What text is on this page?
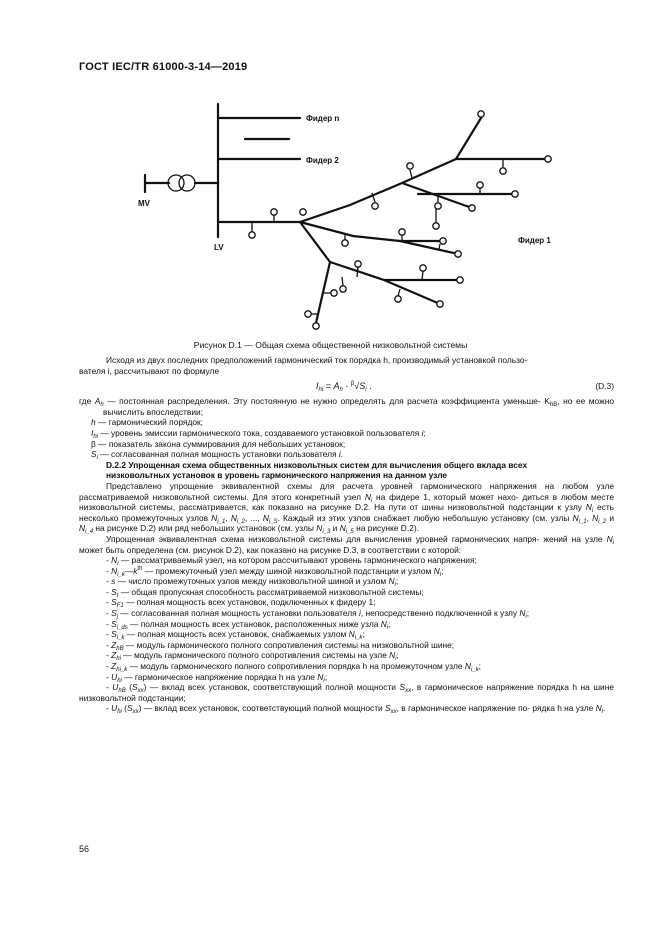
ГОСТ IEC/TR 61000-3-14—2019
Фидер n
Фидер 2
Фидер 1
MV
LV
Рисунок D.1 — Общая схема общественной низковольтной системы

Исходя из двух последних предположений гармонический ток порядка h, производимый установкой пользо-

вателя i, рассчитывают по формуле

$I_{hi} = A_h \cdot ^\beta√S_i$ .	(D.3)

где $A_h$ — постоянная распределения. Эту постоянную не нужно определять для расчета коэффициента уменьше- $K_{hB}$, но ее можно вычислить впоследствии;

h — гармонический порядок;

$I_{hi}$ — уровень эмиссии гармонического тока, создаваемого установкой пользователя i;

β — показатель закона суммирования для небольших установок;

$S_i$ — согласованная полная мощность установки пользователя i.

D.2.2 Упрощенная схема общественных низковольтных систем для вычисления общего вклада всех

низковольтных установок в уровень гармонического напряжения на данном узле

Представлено упрощение эквивалентной схемы для расчета уровней гармонического напряжения на любом узле рассматриваемой низковольтной системы. Для этого конкретный узел $N_i$ на фидере 1, который может нахо- диться в любом месте низковольтной системы, рассматривается, как показано на рисунке D.2. На пути от шины низковольтной подстанции к узлу $N_i$ есть несколько промежуточных узлов $N_{i\_1}$, $N_{i\_2}$, ..., $N_{i\_S}$. Каждый из этих узлов снабжает любую небольшую установку (см. узлы $N_{i\_1}$, $N_{i\_2}$ и $N_{i\_4}$ на рисунке D.2) или ряд небольших установок (см. узлы $N_{i\_3}$ и $N_{i\_5}$ на рисунке D.2).

Упрощенная эквивалентная схема низковольтной системы для вычисления уровней гармонических напря- жений на узле $N_i$ может быть определена (см. рисунок D.2), как показано на рисунке D.3, в соответствии с которой:

- $N_i$ — рассматриваемый узел, на котором рассчитывают уровень гармонического напряжения;

- $N_{i\_k}—k^{th}$ — промежуточный узел между шиной низковольтной подстанции и узлом $N_i$;

- s — число промежуточных узлов между низковольтной шиной и узлом $N_i$;

- $S_t$ — общая пропускная способность рассматриваемой низковольтной системы;

- $S_{F1}$ — полная мощность всех установок, подключенных к фидеру 1;

- $S_j$ — согласованная полная мощность установки пользователя i, непосредственно подключенной к узлу $N_i$;

- $S_{i\_ds}$ — полная мощность всех установок, расположенных ниже узла $N_i$;

- $S_{i\_k}$ — полная мощность всех установок, снабжаемых узлом $N_{i\_k}$;

- $Z_{hB}$ — модуль гармонического полного сопротивления системы на низковольтной шине;

- $Z_{hi}$ — модуль гармонического полного сопротивления системы на узле $N_i$;

- $Z_{hi\_k}$ — модуль гармонического полного сопротивления порядка h на промежуточном узле $N_{i\_k}$;

- $U_{hi}$ — гармоническое напряжение порядка h на узле $N_i$;

- $U_{hB}$ $(S_{xx})$ — вклад всех установок, соответствующий полной мощности $S_{xx}$, в гармоническое напряжение порядка h на шине низковольтной подстанции;

- $U_{hi}$ $(S_{xx})$ — вклад всех установок, соответствующий полной мощности $S_{xx}$, в гармоническое напряжение по- рядка h на узле $N_i$.

56
